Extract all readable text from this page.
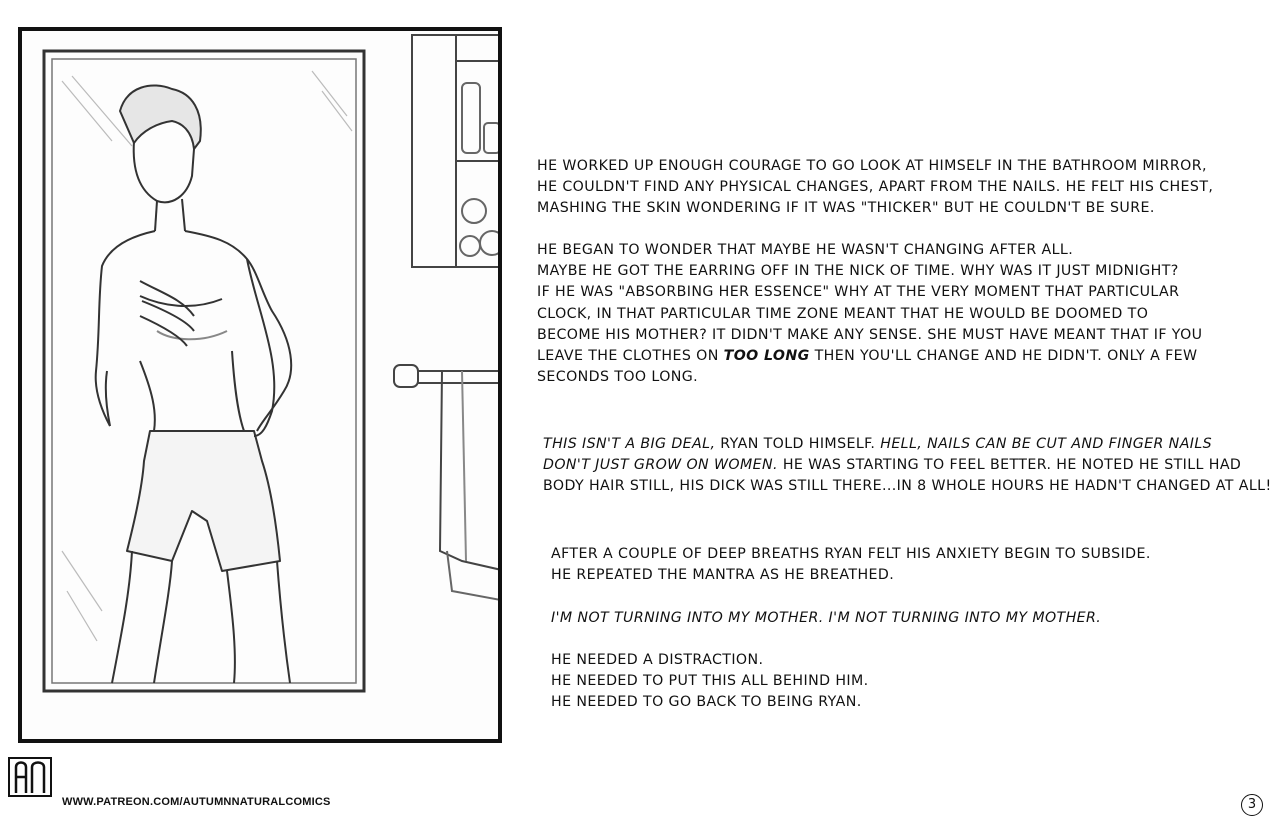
HE WORKED UP ENOUGH COURAGE TO GO LOOK AT HIMSELF IN THE BATHROOM MIRROR,

HE COULDN'T FIND ANY PHYSICAL CHANGES, APART FROM THE NAILS. HE FELT HIS CHEST,

MASHING THE SKIN WONDERING IF IT WAS "THICKER" BUT HE COULDN'T BE SURE.

HE BEGAN TO WONDER THAT MAYBE HE WASN'T CHANGING AFTER ALL.

MAYBE HE GOT THE EARRING OFF IN THE NICK OF TIME. WHY WAS IT JUST MIDNIGHT?

IF HE WAS "ABSORBING HER ESSENCE" WHY AT THE VERY MOMENT THAT PARTICULAR

CLOCK, IN THAT PARTICULAR TIME ZONE MEANT THAT HE WOULD BE DOOMED TO

BECOME HIS MOTHER? IT DIDN'T MAKE ANY SENSE. SHE MUST HAVE MEANT THAT IF YOU

LEAVE THE CLOTHES ON TOO LONG THEN YOU'LL CHANGE AND HE DIDN'T. ONLY A FEW

SECONDS TOO LONG.

THIS ISN'T A BIG DEAL, RYAN TOLD HIMSELF. HELL, NAILS CAN BE CUT AND FINGER NAILS

DON'T JUST GROW ON WOMEN. HE WAS STARTING TO FEEL BETTER. HE NOTED HE STILL HAD

BODY HAIR STILL, HIS DICK WAS STILL THERE...IN 8 WHOLE HOURS HE HADN'T CHANGED AT ALL!

AFTER A COUPLE OF DEEP BREATHS RYAN FELT HIS ANXIETY BEGIN TO SUBSIDE.

HE REPEATED THE MANTRA AS HE BREATHED.

I'M NOT TURNING INTO MY MOTHER. I'M NOT TURNING INTO MY MOTHER.

HE NEEDED A DISTRACTION.

HE NEEDED TO PUT THIS ALL BEHIND HIM.

HE NEEDED TO GO BACK TO BEING RYAN.

WWW.PATREON.COM/AUTUMNNATURALCOMICS	3
